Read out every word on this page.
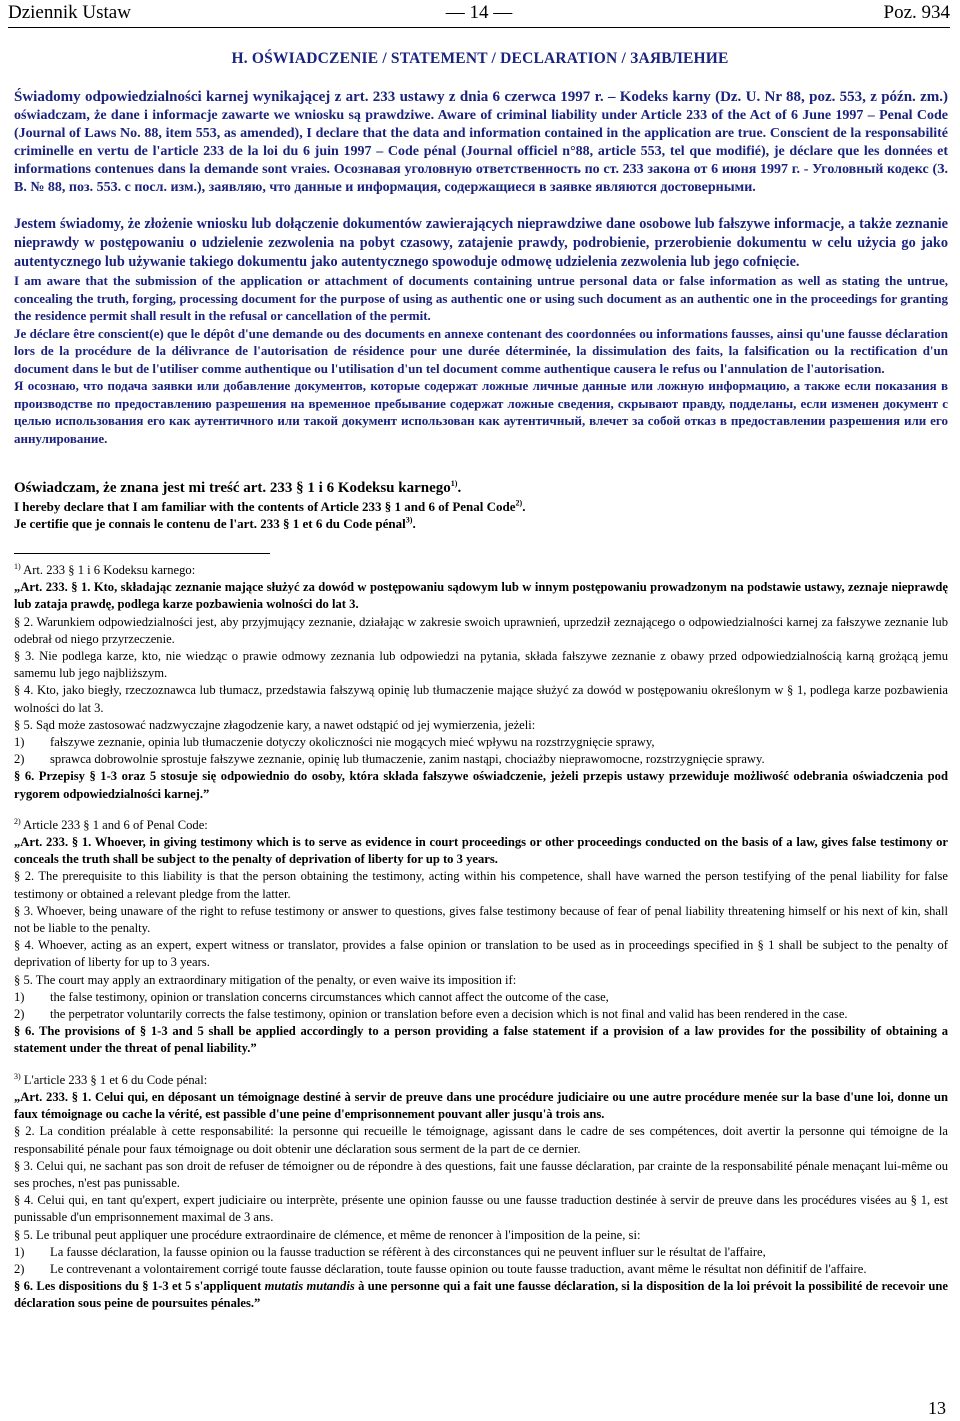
Dziennik Ustaw	— 14 —	Poz. 934
H. OŚWIADCZENIE / STATEMENT / DECLARATION / ЗАЯВЛЕНИЕ

Świadomy odpowiedzialności karnej wynikającej z art. 233 ustawy z dnia 6 czerwca 1997 r. – Kodeks karny (Dz. U. Nr 88, poz. 553, z późn. zm.) oświadczam, że dane i informacje zawarte we wniosku są prawdziwe. Aware of criminal liability under Article 233 of the Act of 6 June 1997 – Penal Code (Journal of Laws No. 88, item 553, as amended), I declare that the data and information contained in the application are true. Conscient de la responsabilité criminelle en vertu de l'article 233 de la loi du 6 juin 1997 – Code pénal (Journal officiel n°88, article 553, tel que modifié), je déclare que les données et informations contenues dans la demande sont vraies. Осознавая уголовную ответственность по ст. 233 закона от 6 июня 1997 г. - Уголовный кодекс (З. В. № 88, поз. 553. с посл. изм.), заявляю, что данные и информация, содержащиеся в заявке являются достоверными.

Jestem świadomy, że złożenie wniosku lub dołączenie dokumentów zawierających nieprawdziwe dane osobowe lub fałszywe informacje, a także zeznanie nieprawdy w postępowaniu o udzielenie zezwolenia na pobyt czasowy, zatajenie prawdy, podrobienie, przerobienie dokumentu w celu użycia go jako autentycznego lub używanie takiego dokumentu jako autentycznego spowoduje odmowę udzielenia zezwolenia lub jego cofnięcie.

I am aware that the submission of the application or attachment of documents containing untrue personal data or false information as well as stating the untrue, concealing the truth, forging, processing document for the purpose of using as authentic one or using such document as an authentic one in the proceedings for granting the residence permit shall result in the refusal or cancellation of the permit.

Je déclare être conscient(e) que le dépôt d'une demande ou des documents en annexe contenant des coordonnées ou informations fausses, ainsi qu'une fausse déclaration lors de la procédure de la délivrance de l'autorisation de résidence pour une durée déterminée, la dissimulation des faits, la falsification ou la rectification d'un document dans le but de l'utiliser comme authentique ou l'utilisation d'un tel document comme authentique causera le refus ou l'annulation de l'autorisation.

Я осознаю, что подача заявки или добавление документов, которые содержат ложные личные данные или ложную информацию, а также если показания в производстве по предоставлению разрешения на временное пребывание содержат ложные сведения, скрывают правду, подделаны, если изменен документ с целью использования его как аутентичного или такой документ использован как аутентичный, влечет за собой отказ в предоставлении разрешения или его аннулирование.

Oświadczam, że znana jest mi treść art. 233 § 1 i 6 Kodeksu karnego$^{1)}$.
I hereby declare that I am familiar with the contents of Article 233 § 1 and 6 of Penal Code$^{2)}$.
Je certifie que je connais le contenu de l'art. 233 § 1 et 6 du Code pénal$^{3)}$.

$^{1)}$ Art. 233 § 1 i 6 Kodeksu karnego:

„Art. 233. § 1. Kto, składając zeznanie mające służyć za dowód w postępowaniu sądowym lub w innym postępowaniu prowadzonym na podstawie ustawy, zeznaje nieprawdę lub zataja prawdę, podlega karze pozbawienia wolności do lat 3.

§ 2. Warunkiem odpowiedzialności jest, aby przyjmujący zeznanie, działając w zakresie swoich uprawnień, uprzedził zeznającego o odpowiedzialności karnej za fałszywe zeznanie lub odebrał od niego przyrzeczenie.

§ 3. Nie podlega karze, kto, nie wiedząc o prawie odmowy zeznania lub odpowiedzi na pytania, składa fałszywe zeznanie z obawy przed odpowiedzialnością karną grożącą jemu samemu lub jego najbliższym.

§ 4. Kto, jako biegły, rzeczoznawca lub tłumacz, przedstawia fałszywą opinię lub tłumaczenie mające służyć za dowód w postępowaniu określonym w § 1, podlega karze pozbawienia wolności do lat 3.

§ 5. Sąd może zastosować nadzwyczajne złagodzenie kary, a nawet odstąpić od jej wymierzenia, jeżeli:

1)	fałszywe zeznanie, opinia lub tłumaczenie dotyczy okoliczności nie mogących mieć wpływu na rozstrzygnięcie sprawy,
2)	sprawca dobrowolnie sprostuje fałszywe zeznanie, opinię lub tłumaczenie, zanim nastąpi, chociażby nieprawomocne, rozstrzygnięcie sprawy.

§ 6. Przepisy § 1-3 oraz 5 stosuje się odpowiednio do osoby, która składa fałszywe oświadczenie, jeżeli przepis ustawy przewiduje możliwość odebrania oświadczenia pod rygorem odpowiedzialności karnej.”

$^{2)}$ Article 233 § 1 and 6 of Penal Code:

„Art. 233. § 1. Whoever, in giving testimony which is to serve as evidence in court proceedings or other proceedings conducted on the basis of a law, gives false testimony or conceals the truth shall be subject to the penalty of deprivation of liberty for up to 3 years.

§ 2. The prerequisite to this liability is that the person obtaining the testimony, acting within his competence, shall have warned the person testifying of the penal liability for false testimony or obtained a relevant pledge from the latter.

§ 3. Whoever, being unaware of the right to refuse testimony or answer to questions, gives false testimony because of fear of penal liability threatening himself or his next of kin, shall not be liable to the penalty.

§ 4. Whoever, acting as an expert, expert witness or translator, provides a false opinion or translation to be used as in proceedings specified in § 1 shall be subject to the penalty of deprivation of liberty for up to 3 years.

§ 5. The court may apply an extraordinary mitigation of the penalty, or even waive its imposition if:

1)	the false testimony, opinion or translation concerns circumstances which cannot affect the outcome of the case,
2)	the perpetrator voluntarily corrects the false testimony, opinion or translation before even a decision which is not final and valid has been rendered in the case.

§ 6. The provisions of § 1-3 and 5 shall be applied accordingly to a person providing a false statement if a provision of a law provides for the possibility of obtaining a statement under the threat of penal liability.”

$^{3)}$ L'article 233 § 1 et 6 du Code pénal:

„Art. 233. § 1. Celui qui, en déposant un témoignage destiné à servir de preuve dans une procédure judiciaire ou une autre procédure menée sur la base d'une loi, donne un faux témoignage ou cache la vérité, est passible d'une peine d'emprisonnement pouvant aller jusqu'à trois ans.

§ 2. La condition préalable à cette responsabilité: la personne qui recueille le témoignage, agissant dans le cadre de ses compétences, doit avertir la personne qui témoigne de la responsabilité pénale pour faux témoignage ou doit obtenir une déclaration sous serment de la part de ce dernier.

§ 3. Celui qui, ne sachant pas son droit de refuser de témoigner ou de répondre à des questions, fait une fausse déclaration, par crainte de la responsabilité pénale menaçant lui-même ou ses proches, n'est pas punissable.

§ 4. Celui qui, en tant qu'expert, expert judiciaire ou interprète, présente une opinion fausse ou une fausse traduction destinée à servir de preuve dans les procédures visées au § 1, est punissable d'un emprisonnement maximal de 3 ans.

§ 5. Le tribunal peut appliquer une procédure extraordinaire de clémence, et même de renoncer à l'imposition de la peine, si:

1)	La fausse déclaration, la fausse opinion ou la fausse traduction se réfèrent à des circonstances qui ne peuvent influer sur le résultat de l'affaire,
2)	Le contrevenant a volontairement corrigé toute fausse déclaration, toute fausse opinion ou toute fausse traduction, avant même le résultat non définitif de l'affaire.

§ 6. Les dispositions du § 1-3 et 5 s'appliquent mutatis mutandis à une personne qui a fait une fausse déclaration, si la disposition de la loi prévoit la possibilité de recevoir une déclaration sous peine de poursuites pénales.”

13
